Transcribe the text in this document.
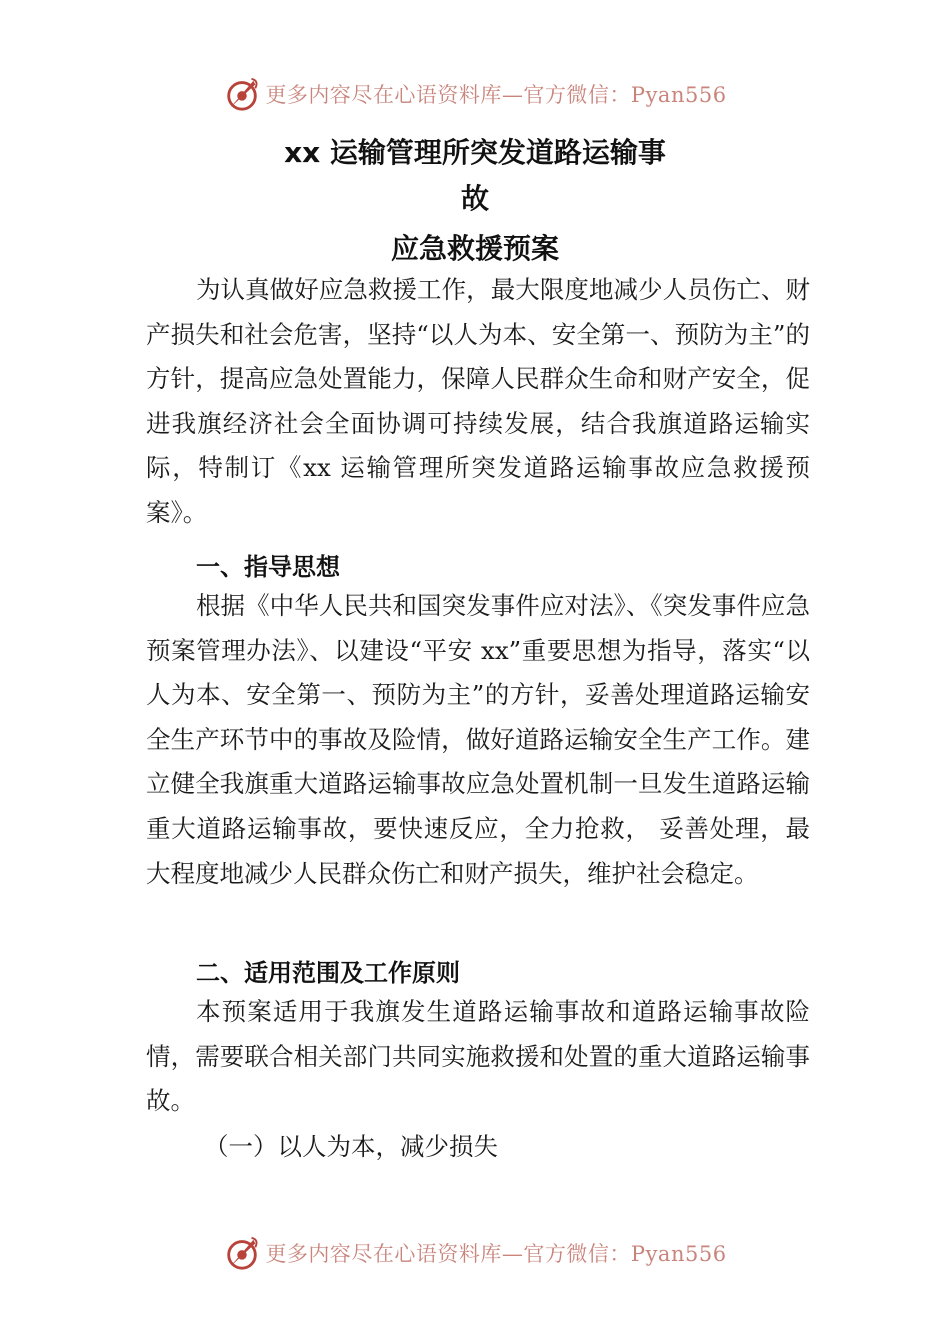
更多内容尽在心语资料库—官方微信：Pyan556
xx 运输管理所突发道路运输事
故
应急救援预案

为认真做好应急救援工作，最大限度地减少人员伤亡、财产损失和社会危害，坚持“以人为本、安全第一、预防为主”的方针，提高应急处置能力，保障人民群众生命和财产安全，促进我旗经济社会全面协调可持续发展，结合我旗道路运输实际，特制订《xx 运输管理所突发道路运输事故应急救援预案》。

一、指导思想

根据《中华人民共和国突发事件应对法》、《突发事件应急预案管理办法》、以建设“平安 xx”重要思想为指导，落实“以人为本、安全第一、预防为主”的方针，妥善处理道路运输安全生产环节中的事故及险情，做好道路运输安全生产工作。建立健全我旗重大道路运输事故应急处置机制一旦发生道路运输重大道路运输事故，要快速反应，全力抢救， 妥善处理，最大程度地减少人民群众伤亡和财产损失，维护社会稳定。

二、适用范围及工作原则

本预案适用于我旗发生道路运输事故和道路运输事故险情，需要联合相关部门共同实施救援和处置的重大道路运输事故。

（一）以人为本，减少损失

更多内容尽在心语资料库—官方微信：Pyan556
